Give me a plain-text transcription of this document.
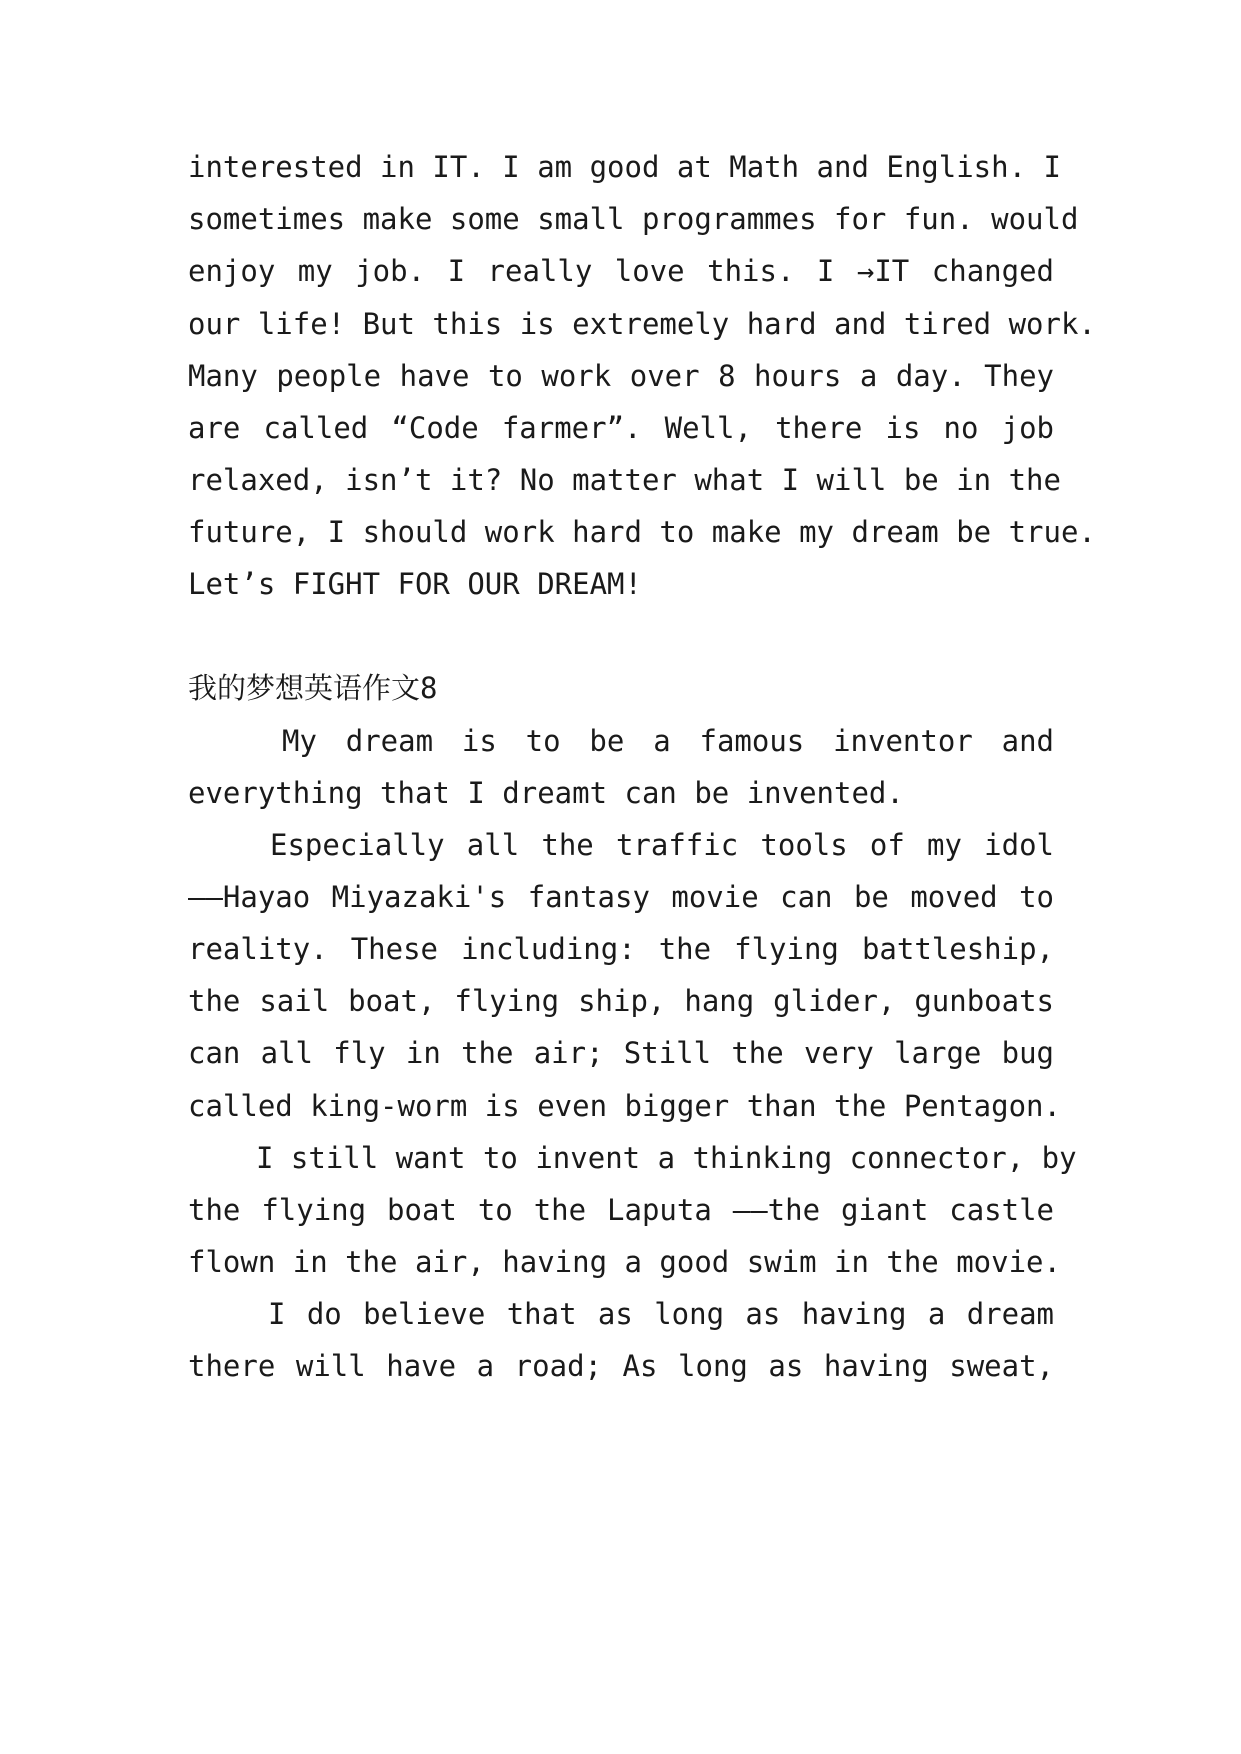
interested in IT. I am good at Math and English. I
sometimes make some small programmes for fun. would
enjoy my job. I really love this. I →IT changed
our life! But this is extremely hard and tired work.
Many people have to work over 8 hours a day. They
are called “Code farmer”. Well, there is no job
relaxed, isn’t it? No matter what I will be in the
future, I should work hard to make my dream be true.
Let’s FIGHT FOR OUR DREAM!
我的梦想英语作文8
My dream is to be a famous inventor and
everything that I dreamt can be invented.
Especially all the traffic tools of my idol
——Hayao Miyazaki's fantasy movie can be moved to
reality. These including: the flying battleship,
the sail boat, flying ship, hang glider, gunboats
can all fly in the air; Still the very large bug
called king-worm is even bigger than the Pentagon.
I still want to invent a thinking connector, by
the flying boat to the Laputa ——the giant castle
flown in the air, having a good swim in the movie.
I do believe that as long as having a dream
there will have a road; As long as having sweat,
